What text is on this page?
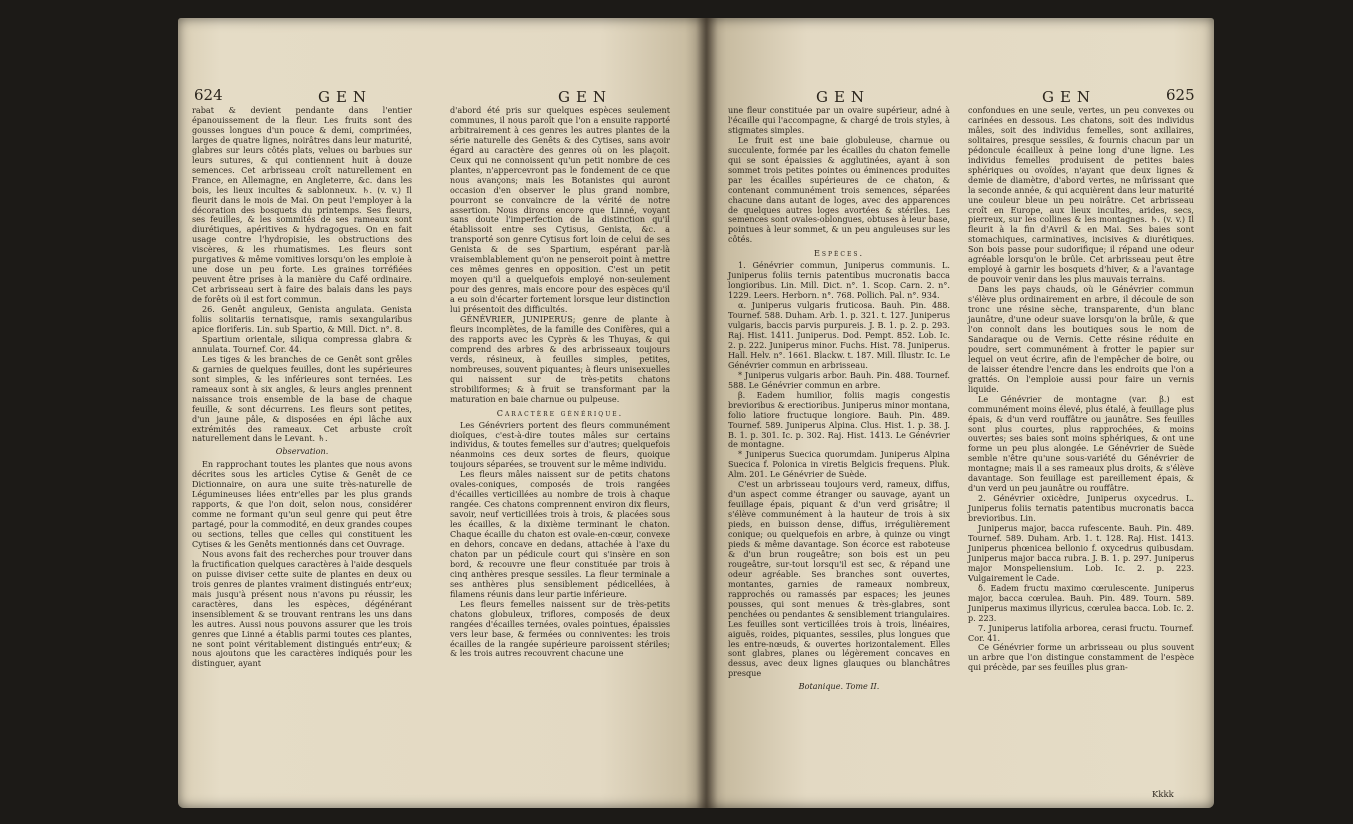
624	GEN	GEN

rabat & devient pendante dans l'entier épanouissement de la fleur. Les fruits sont des gousses longues d'un pouce & demi, comprimées, larges de quatre lignes, noirâtres dans leur maturité, glabres sur leurs côtés plats, velues ou barbues sur leurs sutures, & qui contiennent huit à douze semences. Cet arbrisseau croît naturellement en France, en Allemagne, en Angleterre, &c. dans les bois, les lieux incultes & sablonneux. ♄. (v. v.) Il fleurit dans le mois de Mai. On peut l'employer à la décoration des bosquets du printemps. Ses fleurs, ses feuilles, & les sommités de ses rameaux sont diurétiques, apéritives & hydragogues. On en fait usage contre l'hydropisie, les obstructions des viscères, & les rhumatismes. Les fleurs sont purgatives & même vomitives lorsqu'on les emploie à une dose un peu forte. Les graines torréfiées peuvent être prises à la manière du Café ordinaire. Cet arbrisseau sert à faire des balais dans les pays de forêts où il est fort commun.

26. Genêt anguleux, Genista angulata. Genista foliis solitariis ternatisque, ramis sexangularibus apice floriferis. Lin. sub Spartio, & Mill. Dict. n°. 8.

Spartium orientale, siliqua compressa glabra & annulata. Tournef. Cor. 44.

Les tiges & les branches de ce Genêt sont grêles & garnies de quelques feuilles, dont les supérieures sont simples, & les inférieures sont ternées. Les rameaux sont à six angles, & leurs angles prennent naissance trois ensemble de la base de chaque feuille, & sont décurrens. Les fleurs sont petites, d'un jaune pâle, & disposées en épi lâche aux extrémités des rameaux. Cet arbuste croît naturellement dans le Levant. ♄.

Observation.

En rapprochant toutes les plantes que nous avons décrites sous les articles Cytise & Genêt de ce Dictionnaire, on aura une suite très-naturelle de Légumineuses liées entr'elles par les plus grands rapports, & que l'on doit, selon nous, considérer comme ne formant qu'un seul genre qui peut être partagé, pour la commodité, en deux grandes coupes ou sections, telles que celles qui constituent les Cytises & les Genêts mentionnés dans cet Ouvrage.

Nous avons fait des recherches pour trouver dans la fructification quelques caractères à l'aide desquels on puisse diviser cette suite de plantes en deux ou trois genres de plantes vraiment distingués entr'eux; mais jusqu'à présent nous n'avons pu réussir, les caractères, dans les espèces, dégénérant insensiblement & se trouvant rentrans les uns dans les autres. Aussi nous pouvons assurer que les trois genres que Linné a établis parmi toutes ces plantes, ne sont point véritablement distingués entr'eux; & nous ajoutons que les caractères indiqués pour les distinguer, ayant

d'abord été pris sur quelques espèces seulement communes, il nous paroît que l'on a ensuite rapporté arbitrairement à ces genres les autres plantes de la série naturelle des Genêts & des Cytises, sans avoir égard au caractère des genres où on les plaçoit. Ceux qui ne connoissent qu'un petit nombre de ces plantes, n'appercevront pas le fondement de ce que nous avançons; mais les Botanistes qui auront occasion d'en observer le plus grand nombre, pourront se convaincre de la vérité de notre assertion. Nous dirons encore que Linné, voyant sans doute l'imperfection de la distinction qu'il établissoit entre ses Cytisus, Genista, &c. a transporté son genre Cytisus fort loin de celui de ses Genista & de ses Spartium, espérant par-là vraisemblablement qu'on ne penseroit point à mettre ces mêmes genres en opposition. C'est un petit moyen qu'il a quelquefois employé non-seulement pour des genres, mais encore pour des espèces qu'il a eu soin d'écarter fortement lorsque leur distinction lui présentoit des difficultés.

GÉNÉVRIER, JUNIPERUS; genre de plante à fleurs incomplètes, de la famille des Conifères, qui a des rapports avec les Cyprès & les Thuyas, & qui comprend des arbres & des arbrisseaux toujours verds, résineux, à feuilles simples, petites, nombreuses, souvent piquantes; à fleurs unisexuelles qui naissent sur de très-petits chatons strobiliformes; & à fruit se transformant par la maturation en baie charnue ou pulpeuse.

Caractère générique.

Les Génévriers portent des fleurs communément dioïques, c'est-à-dire toutes mâles sur certains individus, & toutes femelles sur d'autres; quelquefois néanmoins ces deux sortes de fleurs, quoique toujours séparées, se trouvent sur le même individu.

Les fleurs mâles naissent sur de petits chatons ovales-coniques, composés de trois rangées d'écailles verticillées au nombre de trois à chaque rangée. Ces chatons comprennent environ dix fleurs, savoir, neuf verticillées trois à trois, & placées sous les écailles, & la dixième terminant le chaton. Chaque écaille du chaton est ovale-en-cœur, convexe en dehors, concave en dedans, attachée à l'axe du chaton par un pédicule court qui s'insère en son bord, & recouvre une fleur constituée par trois à cinq anthères presque sessiles. La fleur terminale a ses anthères plus sensiblement pédicellées, à filamens réunis dans leur partie inférieure.

Les fleurs femelles naissent sur de très-petits chatons globuleux, triflores, composés de deux rangées d'écailles ternées, ovales pointues, épaissies vers leur base, & fermées ou conniventes: les trois écailles de la rangée supérieure paroissent stériles; & les trois autres recouvrent chacune une

GEN	GEN	625

une fleur constituée par un ovaire supérieur, adné à l'écaille qui l'accompagne, & chargé de trois styles, à stigmates simples.

Le fruit est une baie globuleuse, charnue ou succulente, formée par les écailles du chaton femelle qui se sont épaissies & agglutinées, ayant à son sommet trois petites pointes ou éminences produites par les écailles supérieures de ce chaton, & contenant communément trois semences, séparées chacune dans autant de loges, avec des apparences de quelques autres loges avortées & stériles. Les semences sont ovales-oblongues, obtuses à leur base, pointues à leur sommet, & un peu anguleuses sur les côtés.

Espèces.

1. Génévrier commun, Juniperus communis. L. Juniperus foliis ternis patentibus mucronatis bacca longioribus. Lin. Mill. Dict. n°. 1. Scop. Carn. 2. n°. 1229. Leers. Herborn. n°. 768. Pollich. Pal. n°. 934.

α. Juniperus vulgaris fruticosa. Bauh. Pin. 488. Tournef. 588. Duham. Arb. 1. p. 321. t. 127. Juniperus vulgaris, baccis parvis purpureis. J. B. 1. p. 2. p. 293. Raj. Hist. 1411. Juniperus. Dod. Pempt. 852. Lob. Ic. 2. p. 222. Juniperus minor. Fuchs. Hist. 78. Juniperus. Hall. Helv. n°. 1661. Blackw. t. 187. Mill. Illustr. Ic. Le Génévrier commun en arbrisseau.

* Juniperus vulgaris arbor. Bauh. Pin. 488. Tournef. 588. Le Génévrier commun en arbre.

β. Eadem humilior, foliis magis congestis brevioribus & erectioribus. Juniperus minor montana, folio latiore fructuque longiore. Bauh. Pin. 489. Tournef. 589. Juniperus Alpina. Clus. Hist. 1. p. 38. J. B. 1. p. 301. Ic. p. 302. Raj. Hist. 1413. Le Génévrier de montagne.

* Juniperus Suecica quorumdam. Juniperus Alpina Suecica f. Polonica in viretis Belgicis frequens. Pluk. Alm. 201. Le Génévrier de Suède.

C'est un arbrisseau toujours verd, rameux, diffus, d'un aspect comme étranger ou sauvage, ayant un feuillage épais, piquant & d'un verd grisâtre; il s'élève communément à la hauteur de trois à six pieds, en buisson dense, diffus, irrégulièrement conique; ou quelquefois en arbre, à quinze ou vingt pieds & même davantage. Son écorce est raboteuse & d'un brun rougeâtre; son bois est un peu rougeâtre, sur-tout lorsqu'il est sec, & répand une odeur agréable. Ses branches sont ouvertes, montantes, garnies de rameaux nombreux, rapprochés ou ramassés par espaces; les jeunes pousses, qui sont menues & très-glabres, sont penchées ou pendantes & sensiblement triangulaires. Les feuilles sont verticillées trois à trois, linéaires, aiguës, roides, piquantes, sessiles, plus longues que les entre-nœuds, & ouvertes horizontalement. Elles sont glabres, planes ou légèrement concaves en dessus, avec deux lignes glauques ou blanchâtres presque

Botanique. Tome II.

confondues en une seule, vertes, un peu convexes ou carinées en dessous. Les chatons, soit des individus mâles, soit des individus femelles, sont axillaires, solitaires, presque sessiles, & fournis chacun par un pédoncule écailleux à peine long d'une ligne. Les individus femelles produisent de petites baies sphériques ou ovoïdes, n'ayant que deux lignes & demie de diamètre, d'abord vertes, ne mûrissant que la seconde année, & qui acquièrent dans leur maturité une couleur bleue un peu noirâtre. Cet arbrisseau croît en Europe, aux lieux incultes, arides, secs, pierreux, sur les collines & les montagnes. ♄. (v. v.) Il fleurit à la fin d'Avril & en Mai. Ses baies sont stomachiques, carminatives, incisives & diurétiques. Son bois passe pour sudorifique; il répand une odeur agréable lorsqu'on le brûle. Cet arbrisseau peut être employé à garnir les bosquets d'hiver, & a l'avantage de pouvoir venir dans les plus mauvais terrains.

Dans les pays chauds, où le Génévrier commun s'élève plus ordinairement en arbre, il découle de son tronc une résine sèche, transparente, d'un blanc jaunâtre, d'une odeur suave lorsqu'on la brûle, & que l'on connoît dans les boutiques sous le nom de Sandaraque ou de Vernis. Cette résine réduite en poudre, sert communément à frotter le papier sur lequel on veut écrire, afin de l'empêcher de boire, ou de laisser étendre l'encre dans les endroits que l'on a grattés. On l'emploie aussi pour faire un vernis liquide.

Le Génévrier de montagne (var. β.) est communément moins élevé, plus étalé, à feuillage plus épais, & d'un verd rouffâtre ou jaunâtre. Ses feuilles sont plus courtes, plus rapprochées, & moins ouvertes; ses baies sont moins sphériques, & ont une forme un peu plus alongée. Le Génévrier de Suède semble n'être qu'une sous-variété du Génévrier de montagne; mais il a ses rameaux plus droits, & s'élève davantage. Son feuillage est pareillement épais, & d'un verd un peu jaunâtre ou rouffâtre.

2. Génévrier oxicèdre, Juniperus oxycedrus. L. Juniperus foliis ternatis patentibus mucronatis bacca brevioribus. Lin.

Juniperus major, bacca rufescente. Bauh. Pin. 489. Tournef. 589. Duham. Arb. 1. t. 128. Raj. Hist. 1413. Juniperus phœnicea bellonio f. oxycedrus quibusdam. Juniperus major bacca rubra. J. B. 1. p. 297. Juniperus major Monspeliensium. Lob. Ic. 2. p. 223. Vulgairement le Cade.

δ. Eadem fructu maximo cœrulescente. Juniperus major, bacca cœrulea. Bauh. Pin. 489. Tourn. 589. Juniperus maximus illyricus, cœrulea bacca. Lob. Ic. 2. p. 223.

7. Juniperus latifolia arborea, cerasi fructu. Tournef. Cor. 41.

Ce Génévrier forme un arbrisseau ou plus souvent un arbre que l'on distingue constamment de l'espèce qui précède, par ses feuilles plus gran-

Kkkk
